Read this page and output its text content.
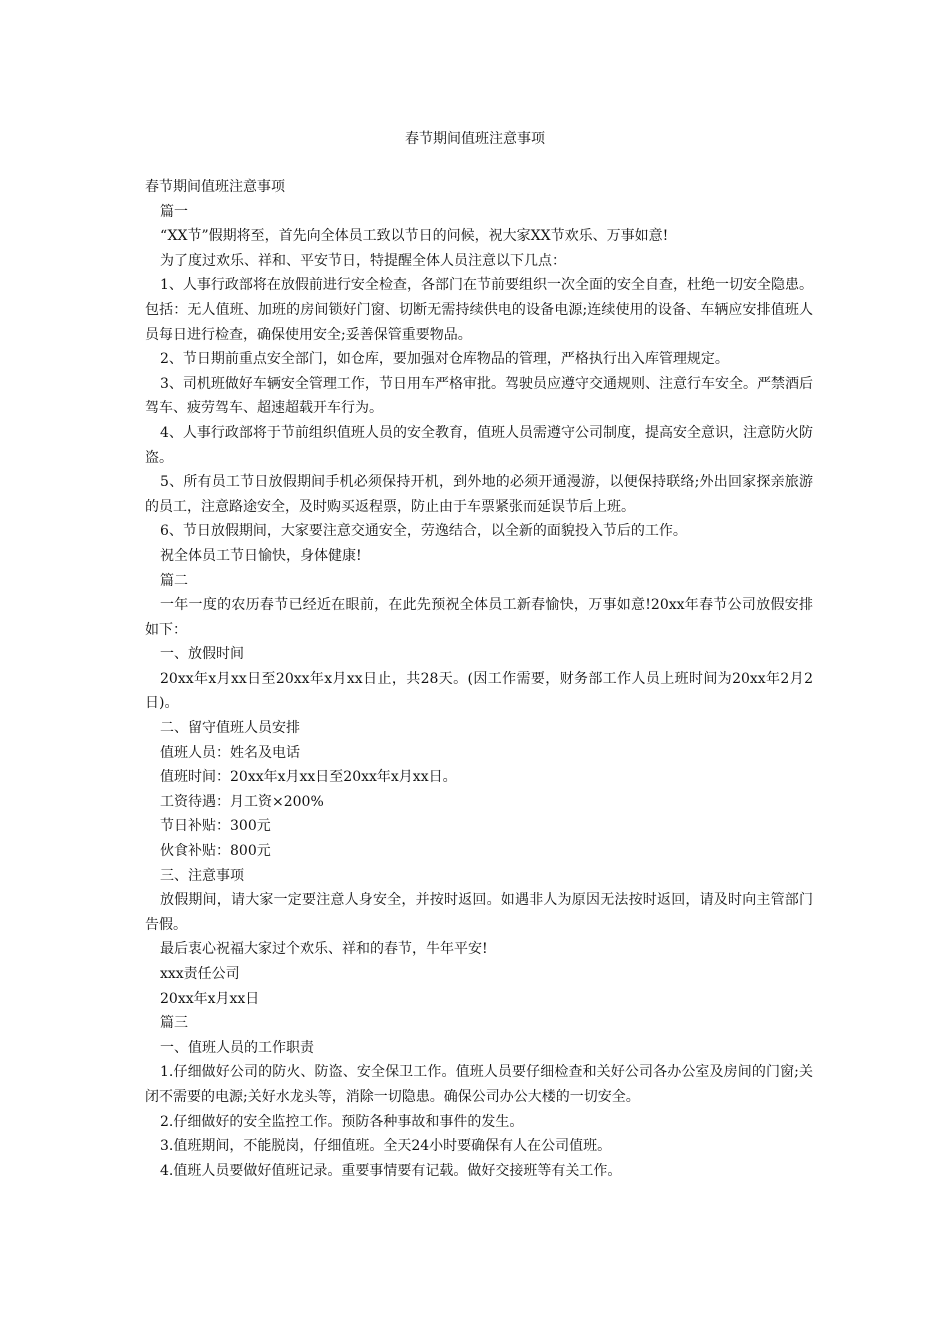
春节期间值班注意事项

春节期间值班注意事项

篇一

“XX节”假期将至，首先向全体员工致以节日的问候，祝大家XX节欢乐、万事如意!

为了度过欢乐、祥和、平安节日，特提醒全体人员注意以下几点：

1、人事行政部将在放假前进行安全检查，各部门在节前要组织一次全面的安全自查，杜绝一切安全隐患。包括：无人值班、加班的房间锁好门窗、切断无需持续供电的设备电源;连续使用的设备、车辆应安排值班人员每日进行检查，确保使用安全;妥善保管重要物品。

2、节日期前重点安全部门，如仓库，要加强对仓库物品的管理，严格执行出入库管理规定。

3、司机班做好车辆安全管理工作，节日用车严格审批。驾驶员应遵守交通规则、注意行车安全。严禁酒后驾车、疲劳驾车、超速超载开车行为。

4、人事行政部将于节前组织值班人员的安全教育，值班人员需遵守公司制度，提高安全意识，注意防火防盗。

5、所有员工节日放假期间手机必须保持开机，到外地的必须开通漫游，以便保持联络;外出回家探亲旅游的员工，注意路途安全，及时购买返程票，防止由于车票紧张而延误节后上班。

6、节日放假期间，大家要注意交通安全，劳逸结合，以全新的面貌投入节后的工作。

祝全体员工节日愉快，身体健康!

篇二

一年一度的农历春节已经近在眼前，在此先预祝全体员工新春愉快，万事如意!20xx年春节公司放假安排如下：

一、放假时间

20xx年x月xx日至20xx年x月xx日止，共28天。(因工作需要，财务部工作人员上班时间为20xx年2月2日)。

二、留守值班人员安排

值班人员：姓名及电话

值班时间：20xx年x月xx日至20xx年x月xx日。

工资待遇：月工资×200%

节日补贴：300元

伙食补贴：800元

三、注意事项

放假期间，请大家一定要注意人身安全，并按时返回。如遇非人为原因无法按时返回，请及时向主管部门告假。

最后衷心祝福大家过个欢乐、祥和的春节，牛年平安!

xxx责任公司

20xx年x月xx日

篇三

一、值班人员的工作职责

1.仔细做好公司的防火、防盗、安全保卫工作。值班人员要仔细检查和关好公司各办公室及房间的门窗;关闭不需要的电源;关好水龙头等，消除一切隐患。确保公司办公大楼的一切安全。

2.仔细做好的安全监控工作。预防各种事故和事件的发生。

3.值班期间，不能脱岗，仔细值班。全天24小时要确保有人在公司值班。

4.值班人员要做好值班记录。重要事情要有记载。做好交接班等有关工作。
